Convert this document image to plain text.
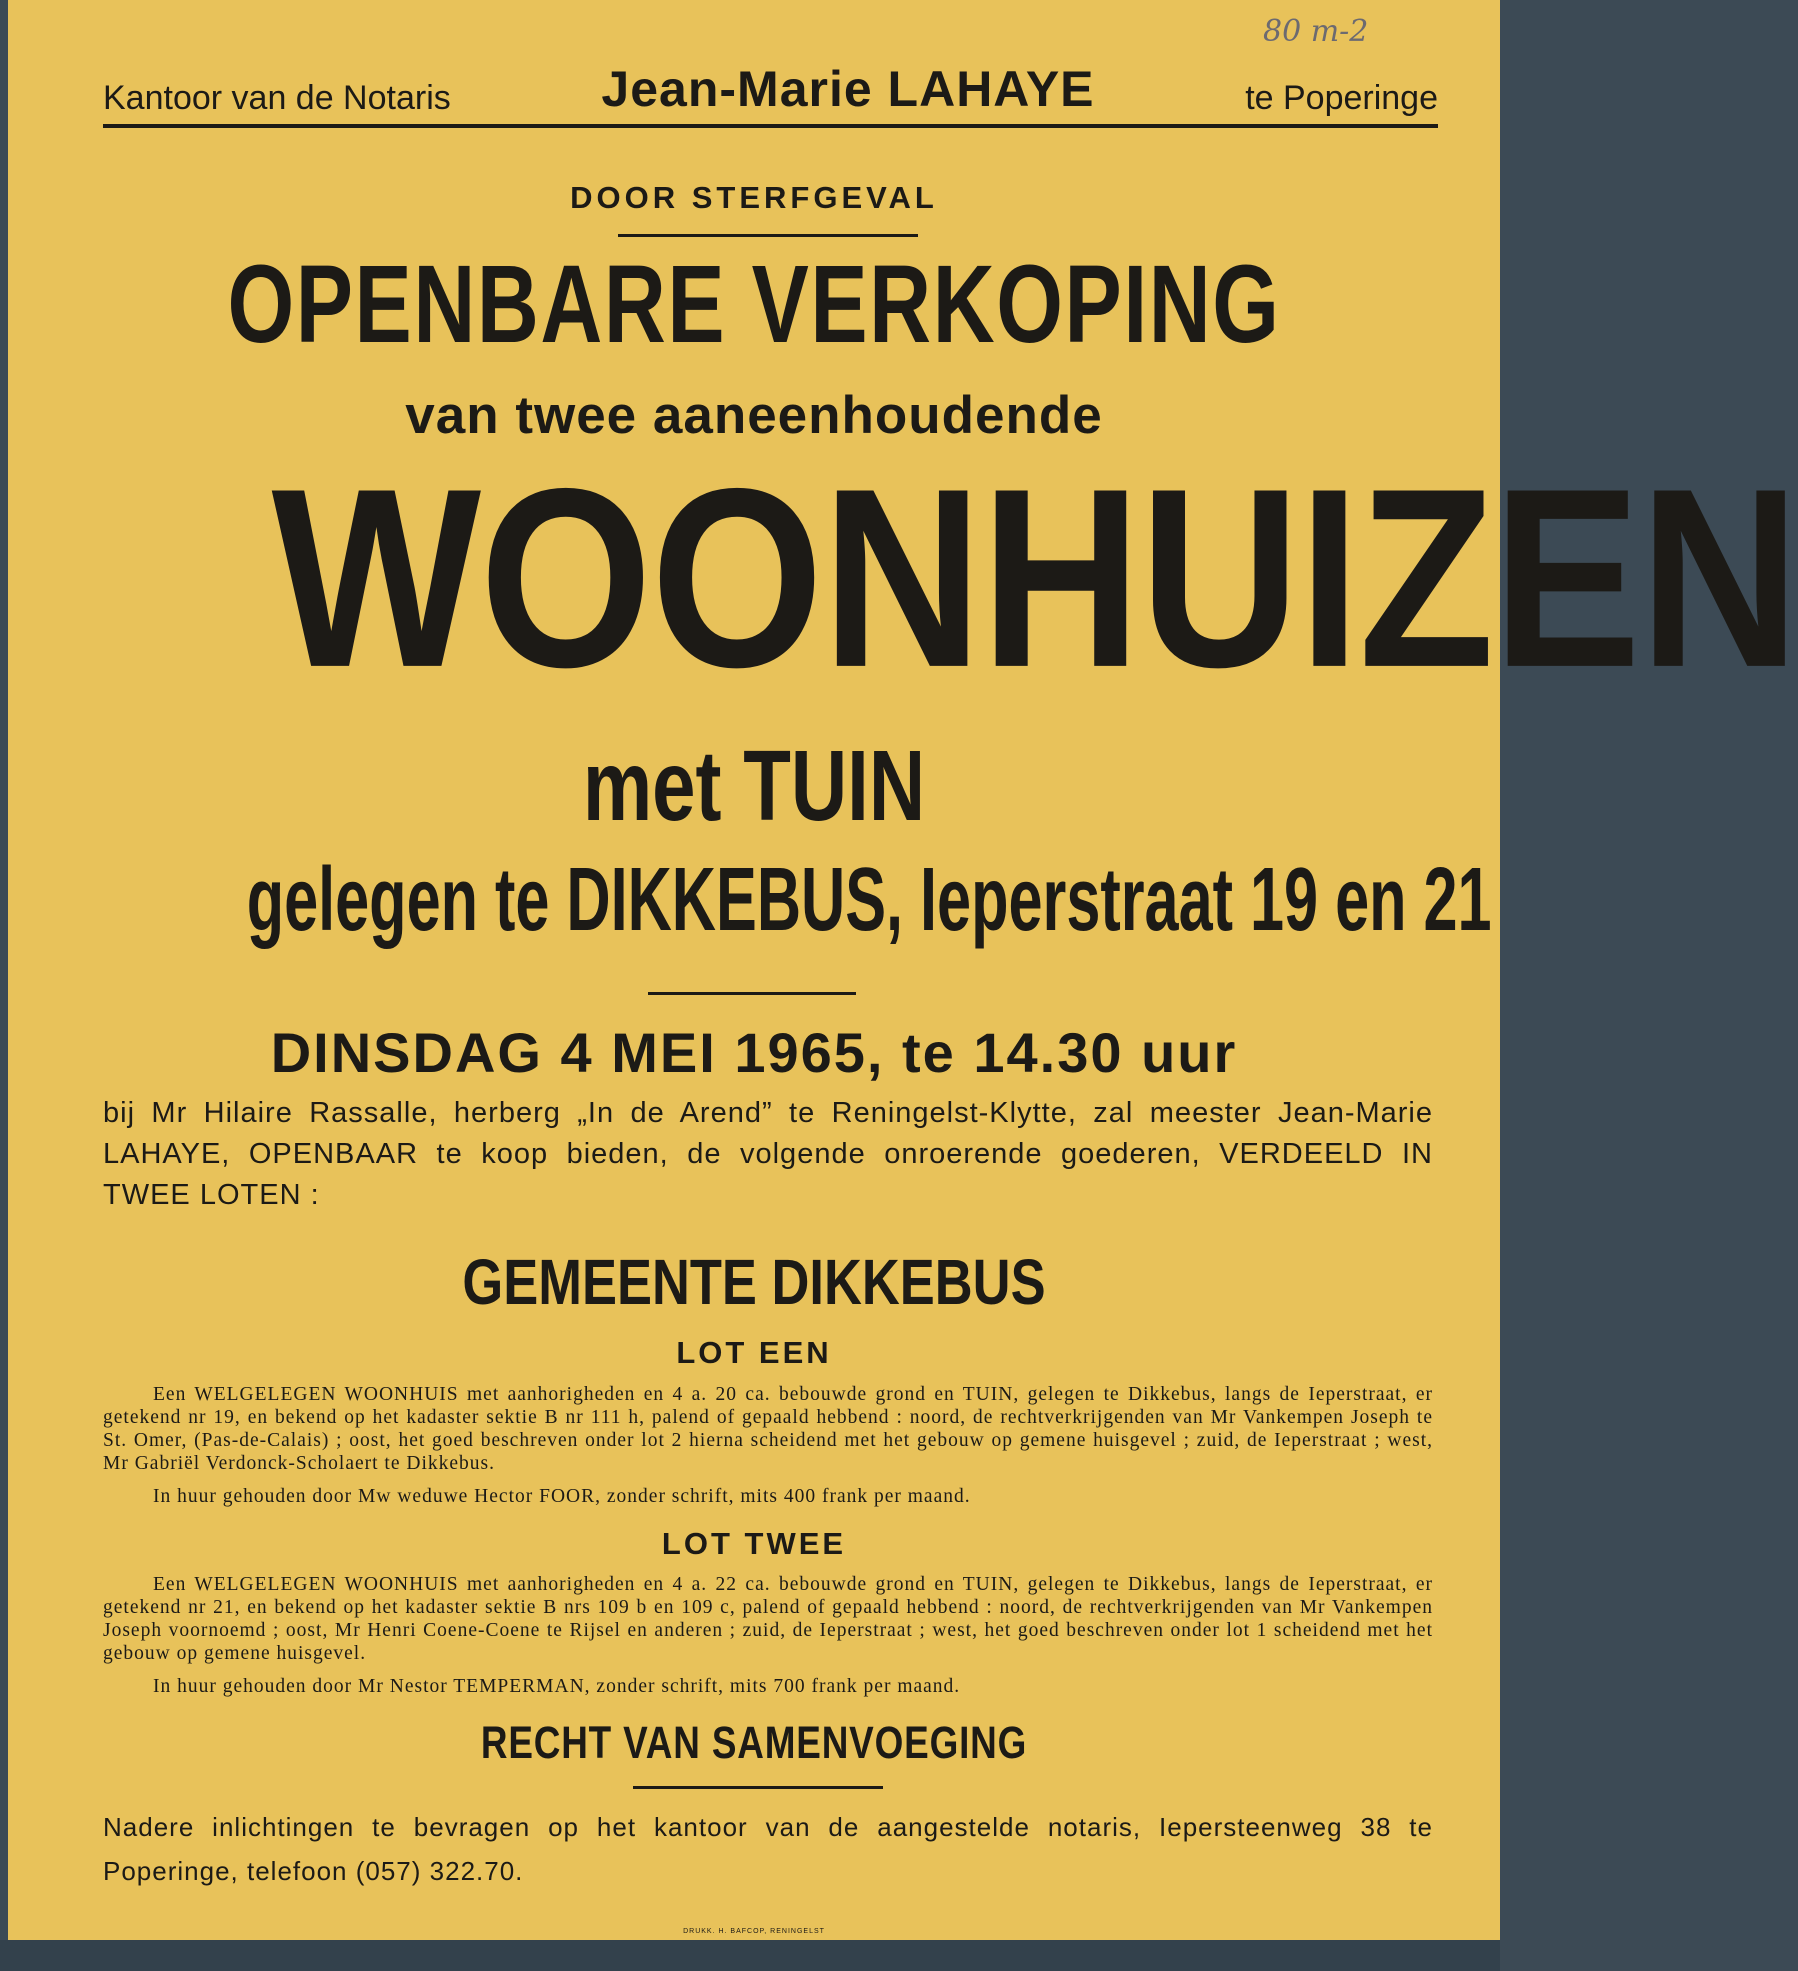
80 m-2
Kantoor van de Notaris	Jean-Marie LAHAYE	te Poperinge
DOOR STERFGEVAL
OPENBARE VERKOPING
van twee aaneenhoudende
WOONHUIZEN
met TUIN
gelegen te DIKKEBUS, Ieperstraat 19 en 21
DINSDAG 4 MEI 1965, te 14.30 uur
bij Mr Hilaire Rassalle, herberg „In de Arend” te Reningelst-Klytte, zal meester Jean-Marie LAHAYE, OPENBAAR te koop bieden, de volgende onroerende goederen, VERDEELD IN TWEE LOTEN :
GEMEENTE DIKKEBUS
LOT EEN

Een WELGELEGEN WOONHUIS met aanhorigheden en 4 a. 20 ca. bebouwde grond en TUIN, gelegen te Dikkebus, langs de Ieperstraat, er getekend nr 19, en bekend op het kadaster sektie B nr 111 h, palend of gepaald hebbend : noord, de rechtverkrijgenden van Mr Vankempen Joseph te St. Omer, (Pas-de-Calais) ; oost, het goed beschreven onder lot 2 hierna scheidend met het gebouw op gemene huisgevel ; zuid, de Ieperstraat ; west, Mr Gabriël Verdonck-Scholaert te Dikkebus.

In huur gehouden door Mw weduwe Hector FOOR, zonder schrift, mits 400 frank per maand.

LOT TWEE

Een WELGELEGEN WOONHUIS met aanhorigheden en 4 a. 22 ca. bebouwde grond en TUIN, gelegen te Dikkebus, langs de Ieperstraat, er getekend nr 21, en bekend op het kadaster sektie B nrs 109 b en 109 c, palend of gepaald hebbend : noord, de rechtverkrijgenden van Mr Vankempen Joseph voornoemd ; oost, Mr Henri Coene-Coene te Rijsel en anderen ; zuid, de Ieperstraat ; west, het goed beschreven onder lot 1 scheidend met het gebouw op gemene huisgevel.

In huur gehouden door Mr Nestor TEMPERMAN, zonder schrift, mits 700 frank per maand.

RECHT VAN SAMENVOEGING
Nadere inlichtingen te bevragen op het kantoor van de aangestelde notaris, Iepersteenweg 38 te Poperinge, telefoon (057) 322.70.
DRUKK. H. BAFCOP, RENINGELST
